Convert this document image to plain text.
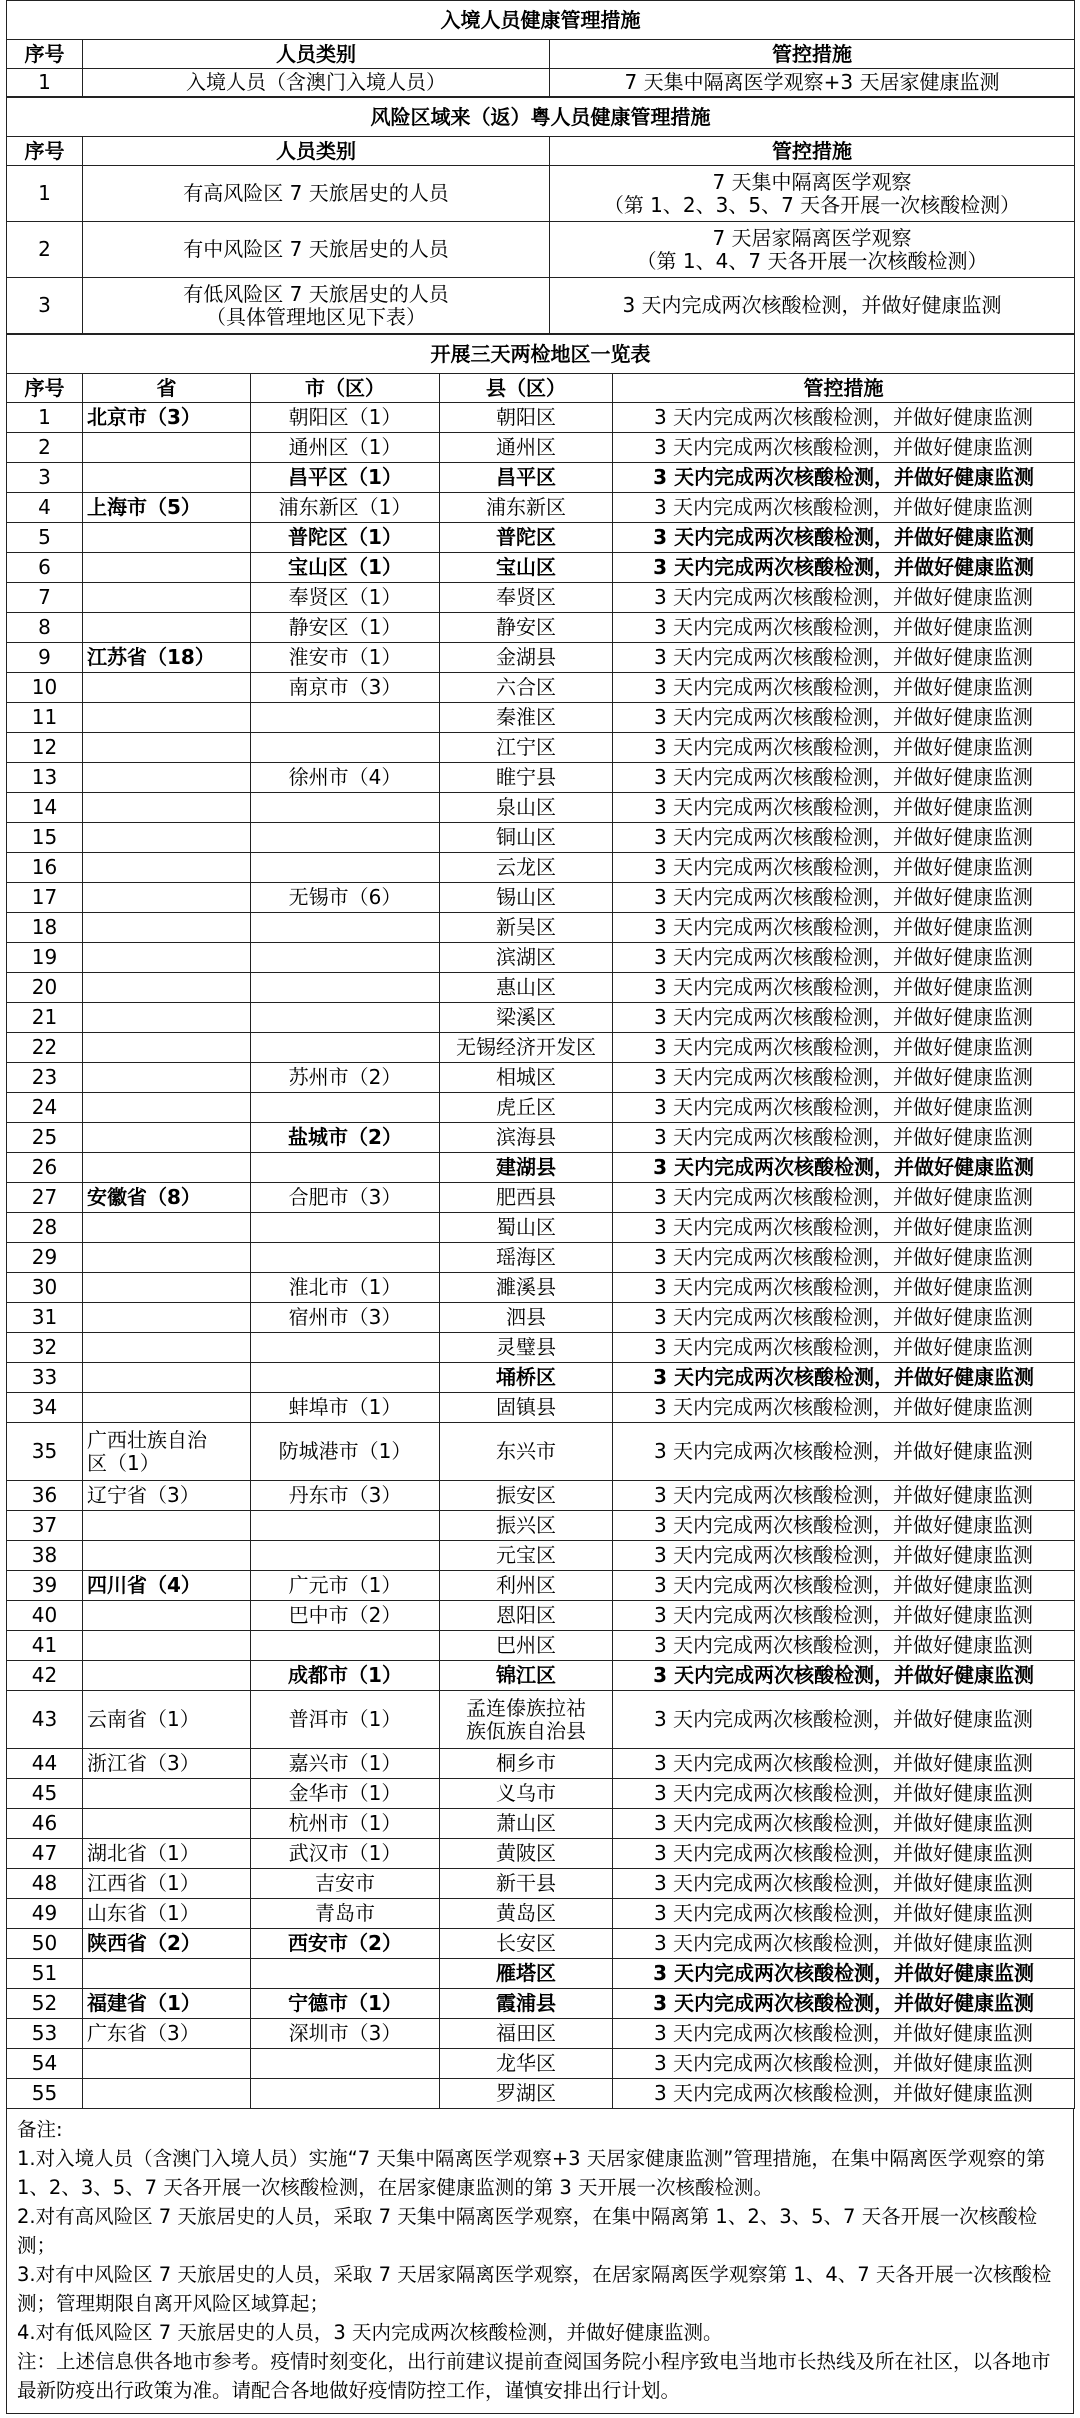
入境人员健康管理措施		
序号	人员类别	管控措施
1	入境人员（含澳门入境人员）	7 天集中隔离医学观察+3 天居家健康监测
风险区域来（返）粤人员健康管理措施		
序号	人员类别	管控措施
1	有高风险区 7 天旅居史的人员	7 天集中隔离医学观察
（第 1、2、3、5、7 天各开展一次核酸检测）
2	有中风险区 7 天旅居史的人员	7 天居家隔离医学观察
（第 1、4、7 天各开展一次核酸检测）
3	有低风险区 7 天旅居史的人员
（具体管理地区见下表）	3 天内完成两次核酸检测，并做好健康监测
开展三天两检地区一览表				
序号	省	市（区）	县（区）	管控措施
1	北京市（3）	朝阳区（1）	朝阳区	3 天内完成两次核酸检测，并做好健康监测
2		通州区（1）	通州区	3 天内完成两次核酸检测，并做好健康监测
3		昌平区（1）	昌平区	3 天内完成两次核酸检测，并做好健康监测
4	上海市（5）	浦东新区（1）	浦东新区	3 天内完成两次核酸检测，并做好健康监测
5		普陀区（1）	普陀区	3 天内完成两次核酸检测，并做好健康监测
6		宝山区（1）	宝山区	3 天内完成两次核酸检测，并做好健康监测
7		奉贤区（1）	奉贤区	3 天内完成两次核酸检测，并做好健康监测
8		静安区（1）	静安区	3 天内完成两次核酸检测，并做好健康监测
9	江苏省（18）	淮安市（1）	金湖县	3 天内完成两次核酸检测，并做好健康监测
10		南京市（3）	六合区	3 天内完成两次核酸检测，并做好健康监测
11			秦淮区	3 天内完成两次核酸检测，并做好健康监测
12			江宁区	3 天内完成两次核酸检测，并做好健康监测
13		徐州市（4）	睢宁县	3 天内完成两次核酸检测，并做好健康监测
14			泉山区	3 天内完成两次核酸检测，并做好健康监测
15			铜山区	3 天内完成两次核酸检测，并做好健康监测
16			云龙区	3 天内完成两次核酸检测，并做好健康监测
17		无锡市（6）	锡山区	3 天内完成两次核酸检测，并做好健康监测
18			新吴区	3 天内完成两次核酸检测，并做好健康监测
19			滨湖区	3 天内完成两次核酸检测，并做好健康监测
20			惠山区	3 天内完成两次核酸检测，并做好健康监测
21			梁溪区	3 天内完成两次核酸检测，并做好健康监测
22			无锡经济开发区	3 天内完成两次核酸检测，并做好健康监测
23		苏州市（2）	相城区	3 天内完成两次核酸检测，并做好健康监测
24			虎丘区	3 天内完成两次核酸检测，并做好健康监测
25		盐城市（2）	滨海县	3 天内完成两次核酸检测，并做好健康监测
26			建湖县	3 天内完成两次核酸检测，并做好健康监测
27	安徽省（8）	合肥市（3）	肥西县	3 天内完成两次核酸检测，并做好健康监测
28			蜀山区	3 天内完成两次核酸检测，并做好健康监测
29			瑶海区	3 天内完成两次核酸检测，并做好健康监测
30		淮北市（1）	濉溪县	3 天内完成两次核酸检测，并做好健康监测
31		宿州市（3）	泗县	3 天内完成两次核酸检测，并做好健康监测
32			灵璧县	3 天内完成两次核酸检测，并做好健康监测
33			埇桥区	3 天内完成两次核酸检测，并做好健康监测
34		蚌埠市（1）	固镇县	3 天内完成两次核酸检测，并做好健康监测
35	广西壮族自治
区（1）	防城港市（1）	东兴市	3 天内完成两次核酸检测，并做好健康监测
36	辽宁省（3）	丹东市（3）	振安区	3 天内完成两次核酸检测，并做好健康监测
37			振兴区	3 天内完成两次核酸检测，并做好健康监测
38			元宝区	3 天内完成两次核酸检测，并做好健康监测
39	四川省（4）	广元市（1）	利州区	3 天内完成两次核酸检测，并做好健康监测
40		巴中市（2）	恩阳区	3 天内完成两次核酸检测，并做好健康监测
41			巴州区	3 天内完成两次核酸检测，并做好健康监测
42		成都市（1）	锦江区	3 天内完成两次核酸检测，并做好健康监测
43	云南省（1）	普洱市（1）	孟连傣族拉祜
族佤族自治县	3 天内完成两次核酸检测，并做好健康监测
44	浙江省（3）	嘉兴市（1）	桐乡市	3 天内完成两次核酸检测，并做好健康监测
45		金华市（1）	义乌市	3 天内完成两次核酸检测，并做好健康监测
46		杭州市（1）	萧山区	3 天内完成两次核酸检测，并做好健康监测
47	湖北省（1）	武汉市（1）	黄陂区	3 天内完成两次核酸检测，并做好健康监测
48	江西省（1）	吉安市	新干县	3 天内完成两次核酸检测，并做好健康监测
49	山东省（1）	青岛市	黄岛区	3 天内完成两次核酸检测，并做好健康监测
50	陕西省（2）	西安市（2）	长安区	3 天内完成两次核酸检测，并做好健康监测
51			雁塔区	3 天内完成两次核酸检测，并做好健康监测
52	福建省（1）	宁德市（1）	霞浦县	3 天内完成两次核酸检测，并做好健康监测
53	广东省（3）	深圳市（3）	福田区	3 天内完成两次核酸检测，并做好健康监测
54			龙华区	3 天内完成两次核酸检测，并做好健康监测
55			罗湖区	3 天内完成两次核酸检测，并做好健康监测
备注:
1.对入境人员（含澳门入境人员）实施“7 天集中隔离医学观察+3 天居家健康监测”管理措施，在集中隔离医学观察的第 1、2、3、5、7 天各开展一次核酸检测，在居家健康监测的第 3 天开展一次核酸检测。
2.对有高风险区 7 天旅居史的人员，采取 7 天集中隔离医学观察，在集中隔离第 1、2、3、5、7 天各开展一次核酸检测；
3.对有中风险区 7 天旅居史的人员，采取 7 天居家隔离医学观察，在居家隔离医学观察第 1、4、7 天各开展一次核酸检测；管理期限自离开风险区域算起；
4.对有低风险区 7 天旅居史的人员，3 天内完成两次核酸检测，并做好健康监测。
注：上述信息供各地市参考。疫情时刻变化，出行前建议提前查阅国务院小程序致电当地市长热线及所在社区，以各地市最新防疫出行政策为准。请配合各地做好疫情防控工作，谨慎安排出行计划。
